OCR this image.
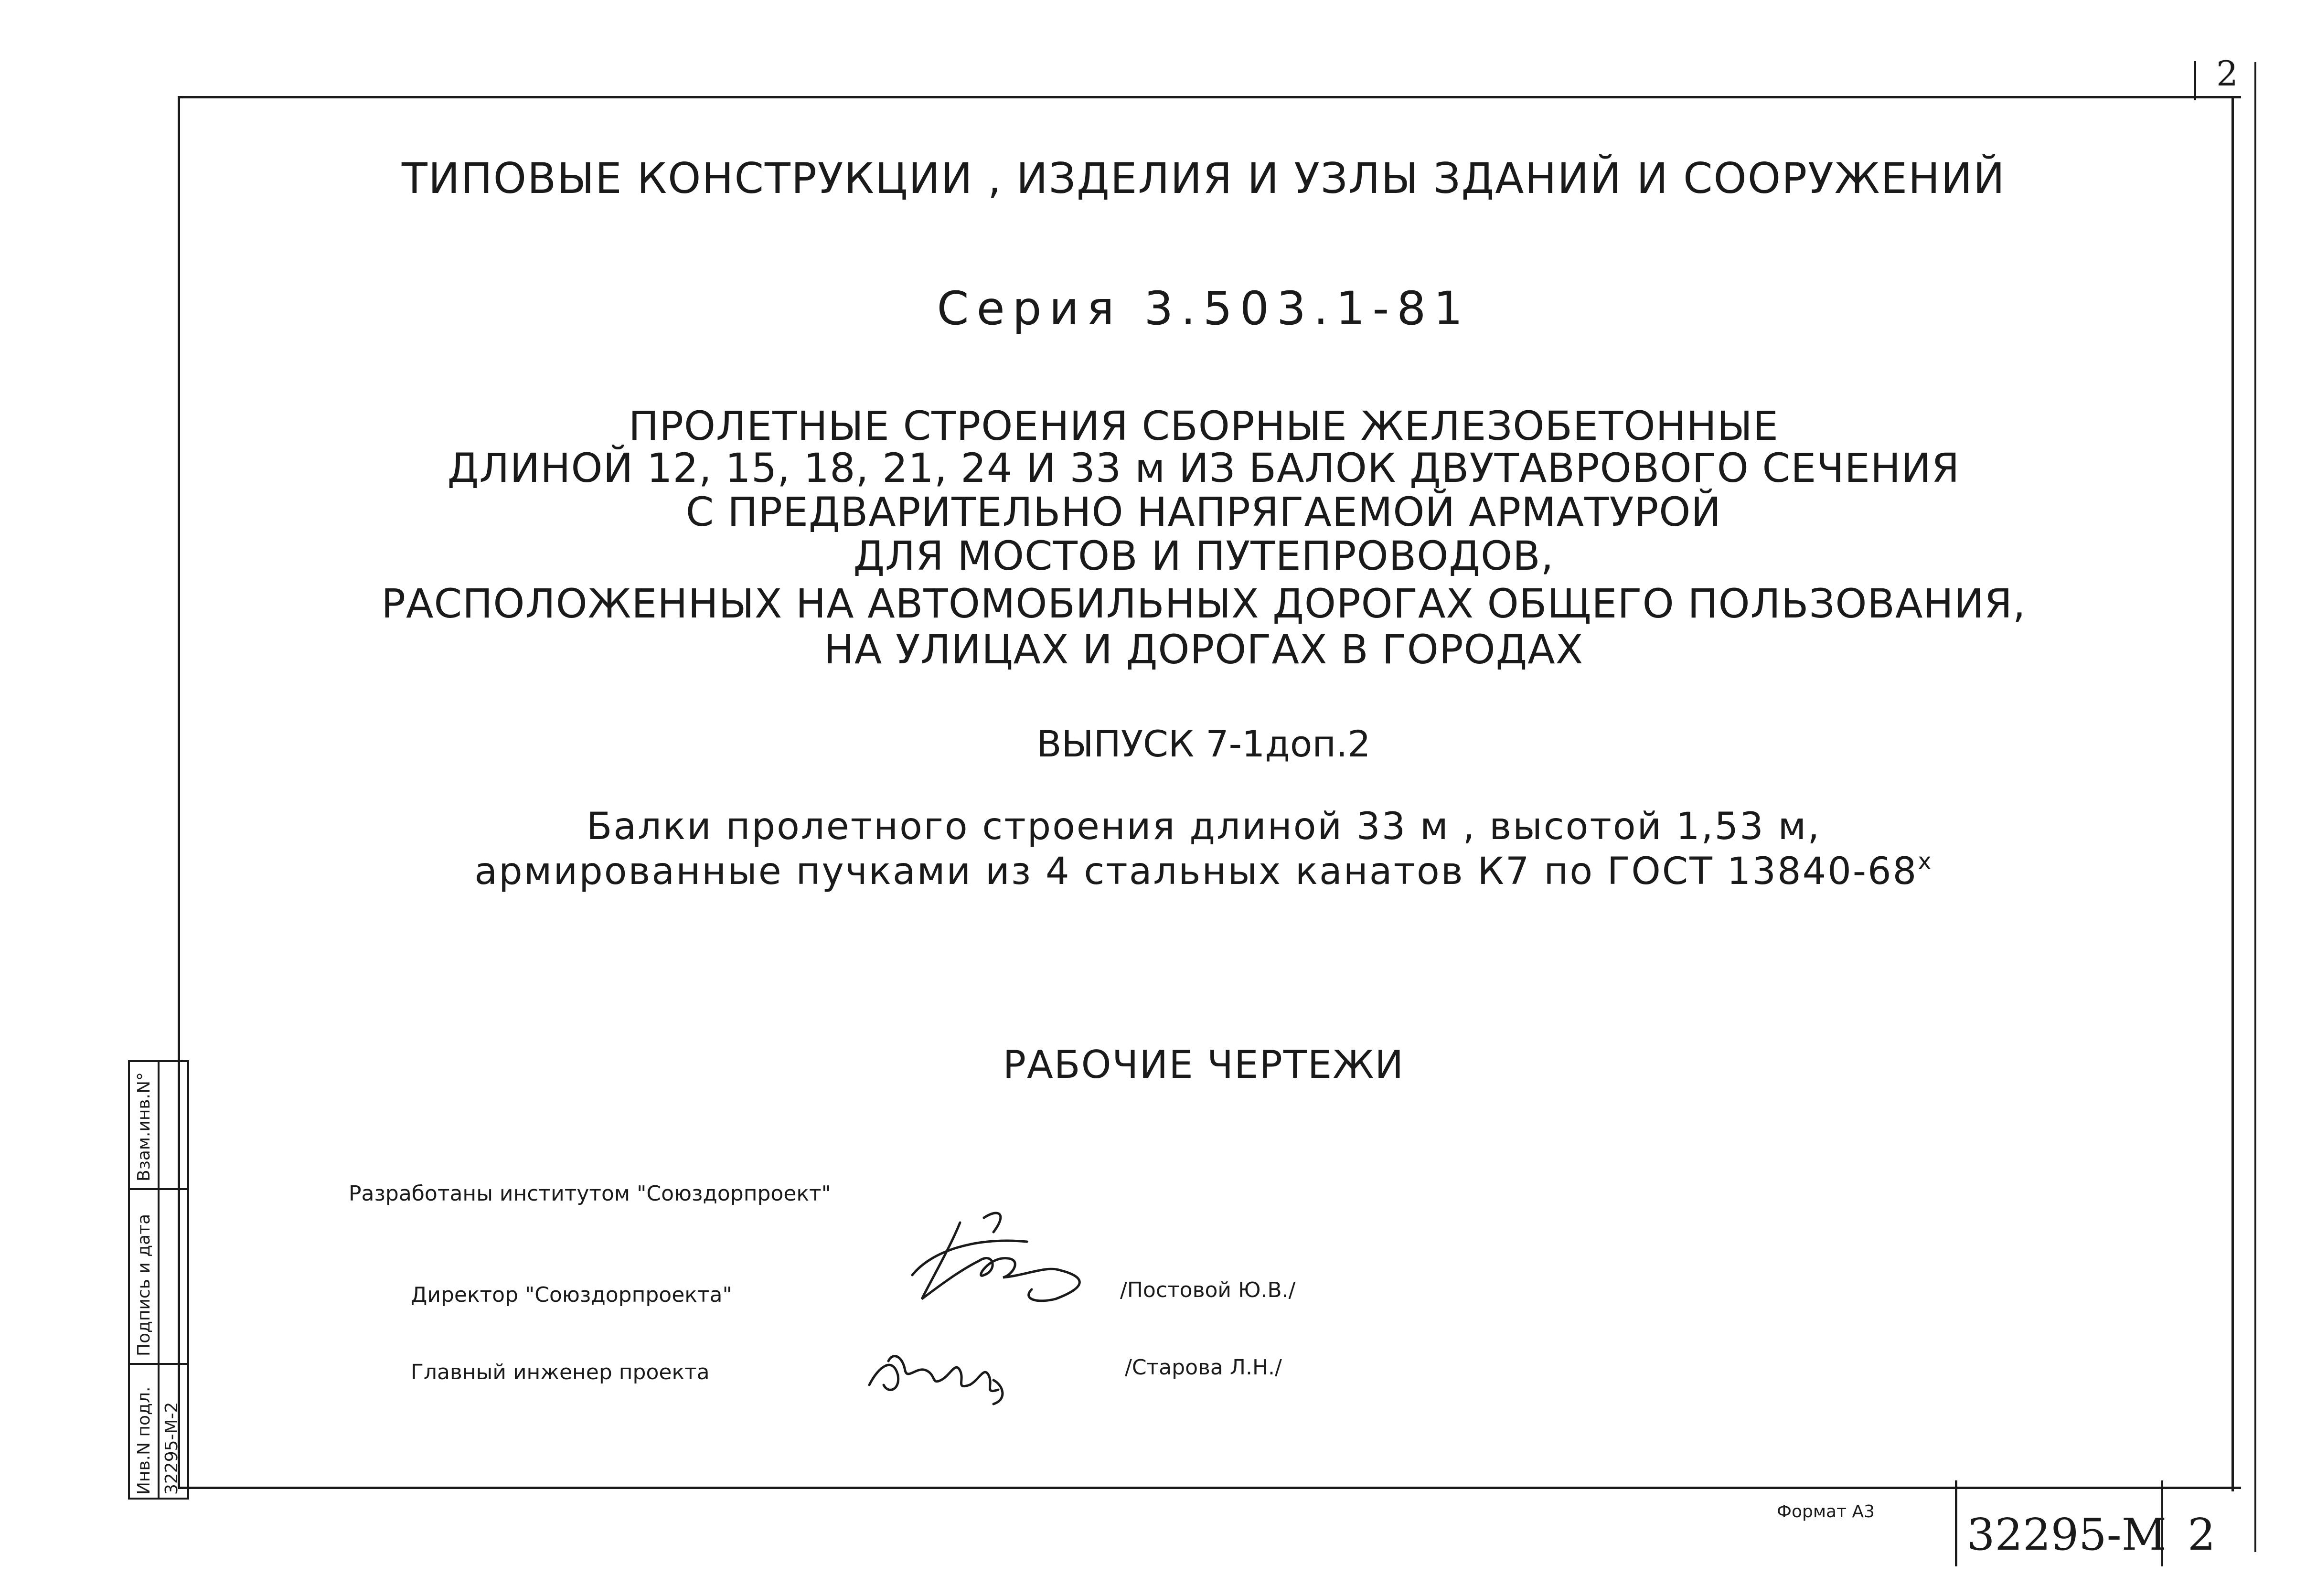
2
ТИПОВЫЕ КОНСТРУКЦИИ , ИЗДЕЛИЯ И УЗЛЫ ЗДАНИЙ И СООРУЖЕНИЙ
Серия 3.503.1-81
ПРОЛЕТНЫЕ СТРОЕНИЯ СБОРНЫЕ ЖЕЛЕЗОБЕТОННЫЕ
ДЛИНОЙ 12, 15, 18, 21, 24 И 33 м ИЗ БАЛОК ДВУТАВРОВОГО СЕЧЕНИЯ
С ПРЕДВАРИТЕЛЬНО НАПРЯГАЕМОЙ АРМАТУРОЙ
ДЛЯ МОСТОВ И ПУТЕПРОВОДОВ,
РАСПОЛОЖЕННЫХ НА АВТОМОБИЛЬНЫХ ДОРОГАХ ОБЩЕГО ПОЛЬЗОВАНИЯ,
НА УЛИЦАХ И ДОРОГАХ В ГОРОДАХ
ВЫПУСК 7-1доп.2
Балки пролетного строения длиной 33 м , высотой 1,53 м,
армированные пучками из 4 стальных канатов К7 по ГОСТ $13840-68^х$
РАБОЧИЕ ЧЕРТЕЖИ
Разработаны институтом "Союздорпроект"
Директор "Союздорпроекта"	/Постовой Ю.В./
Главный инженер проекта	/Старова Л.Н./
Инв.N подл.
Подпись и дата
Взам.инв.N°
32295-М-2
Формат А3 32295-М 2
